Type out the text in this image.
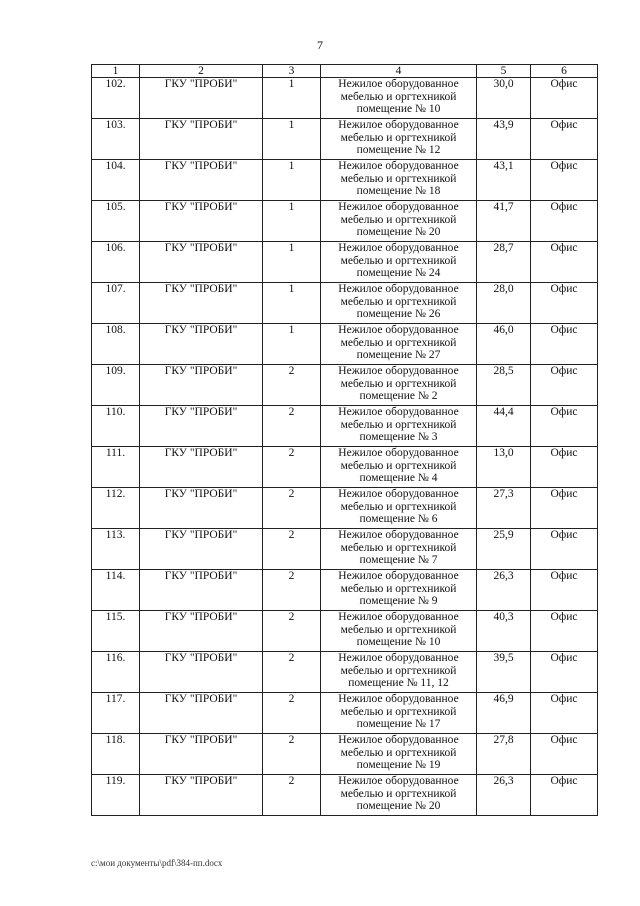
7
1	2	3	4	5	6
102.	ГКУ "ПРОБИ"	1	Нежилое оборудованное мебелью и оргтехникой помещение № 10	30,0	Офис
103.	ГКУ "ПРОБИ"	1	Нежилое оборудованное мебелью и оргтехникой помещение № 12	43,9	Офис
104.	ГКУ "ПРОБИ"	1	Нежилое оборудованное мебелью и оргтехникой помещение № 18	43,1	Офис
105.	ГКУ "ПРОБИ"	1	Нежилое оборудованное мебелью и оргтехникой помещение № 20	41,7	Офис
106.	ГКУ "ПРОБИ"	1	Нежилое оборудованное мебелью и оргтехникой помещение № 24	28,7	Офис
107.	ГКУ "ПРОБИ"	1	Нежилое оборудованное мебелью и оргтехникой помещение № 26	28,0	Офис
108.	ГКУ "ПРОБИ"	1	Нежилое оборудованное мебелью и оргтехникой помещение № 27	46,0	Офис
109.	ГКУ "ПРОБИ"	2	Нежилое оборудованное мебелью и оргтехникой помещение № 2	28,5	Офис
110.	ГКУ "ПРОБИ"	2	Нежилое оборудованное мебелью и оргтехникой помещение № 3	44,4	Офис
111.	ГКУ "ПРОБИ"	2	Нежилое оборудованное мебелью и оргтехникой помещение № 4	13,0	Офис
112.	ГКУ "ПРОБИ"	2	Нежилое оборудованное мебелью и оргтехникой помещение № 6	27,3	Офис
113.	ГКУ "ПРОБИ"	2	Нежилое оборудованное мебелью и оргтехникой помещение № 7	25,9	Офис
114.	ГКУ "ПРОБИ"	2	Нежилое оборудованное мебелью и оргтехникой помещение № 9	26,3	Офис
115.	ГКУ "ПРОБИ"	2	Нежилое оборудованное мебелью и оргтехникой помещение № 10	40,3	Офис
116.	ГКУ "ПРОБИ"	2	Нежилое оборудованное мебелью и оргтехникой помещение № 11, 12	39,5	Офис
117.	ГКУ "ПРОБИ"	2	Нежилое оборудованное мебелью и оргтехникой помещение № 17	46,9	Офис
118.	ГКУ "ПРОБИ"	2	Нежилое оборудованное мебелью и оргтехникой помещение № 19	27,8	Офис
119.	ГКУ "ПРОБИ"	2	Нежилое оборудованное мебелью и оргтехникой помещение № 20	26,3	Офис
c:\мои документы\pdf\384-пп.docx
